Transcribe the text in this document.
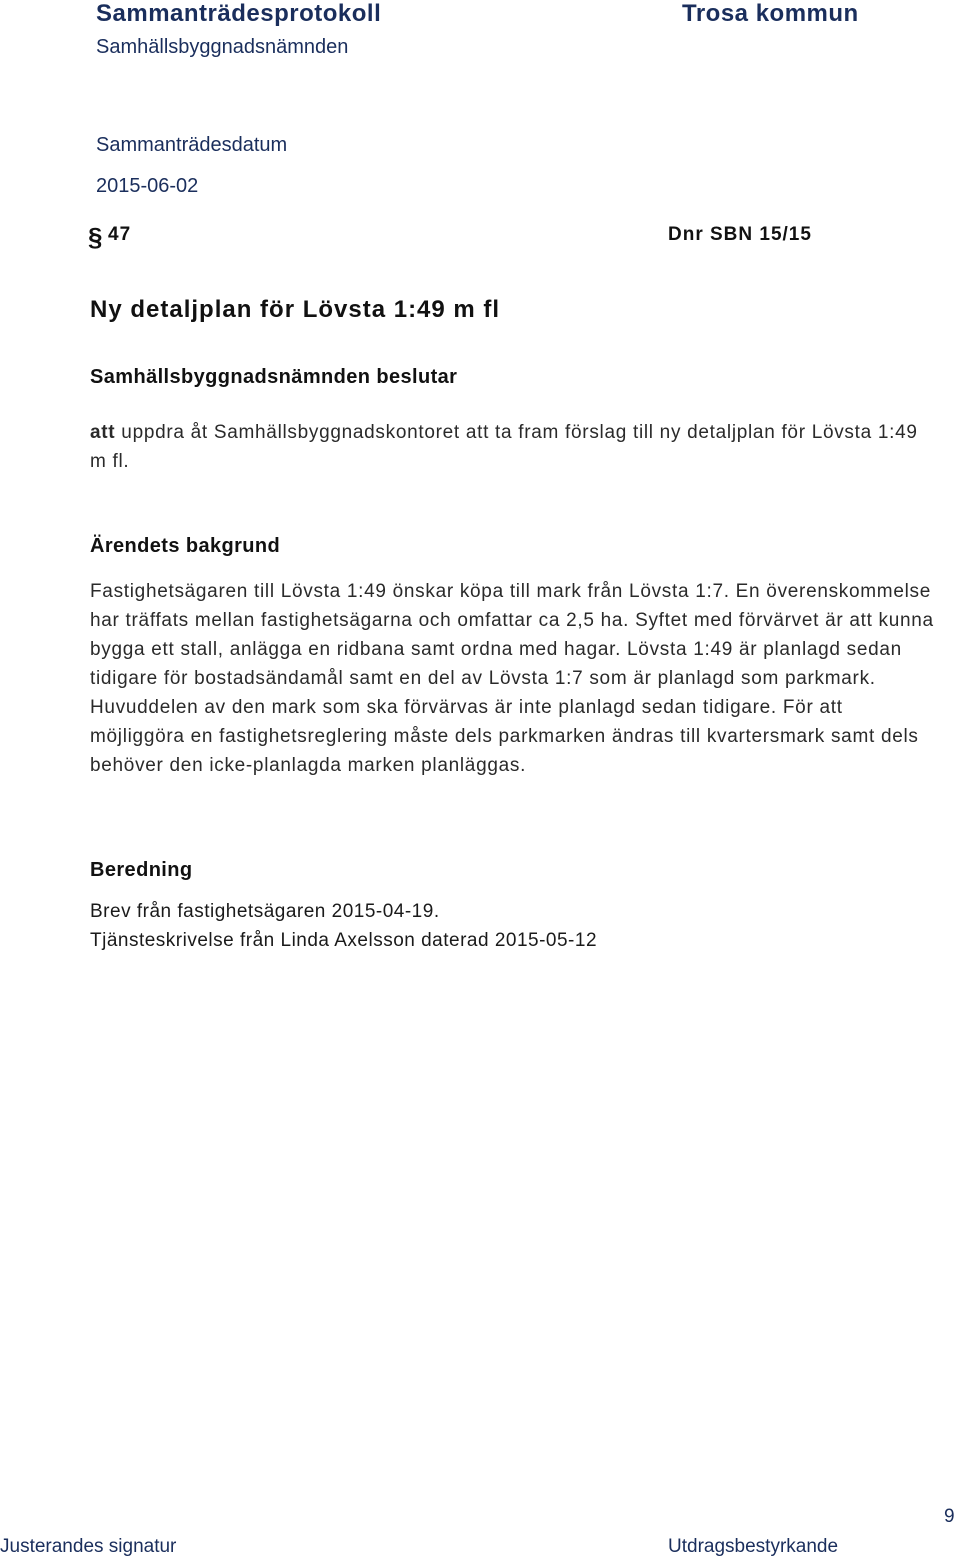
Sammanträdesprotokoll
Samhällsbyggnadsnämnden
Trosa kommun
Sammanträdesdatum
2015-06-02
§ 47	Dnr SBN 15/15
Ny detaljplan för Lövsta 1:49 m fl
Samhällsbyggnadsnämnden beslutar
att uppdra åt Samhällsbyggnadskontoret att ta fram förslag till ny detaljplan för Lövsta 1:49 m fl.
Ärendets bakgrund
Fastighetsägaren till Lövsta 1:49 önskar köpa till mark från Lövsta 1:7. En överenskommelse har träffats mellan fastighetsägarna och omfattar ca 2,5 ha. Syftet med förvärvet är att kunna bygga ett stall, anlägga en ridbana samt ordna med hagar. Lövsta 1:49 är planlagd sedan tidigare för bostadsändamål samt en del av Lövsta 1:7 som är planlagd som parkmark. Huvuddelen av den mark som ska förvärvas är inte planlagd sedan tidigare. För att möjliggöra en fastighetsreglering måste dels parkmarken ändras till kvartersmark samt dels behöver den icke-planlagda marken planläggas.
Beredning
Brev från fastighetsägaren 2015-04-19.
Tjänsteskrivelse från Linda Axelsson daterad 2015-05-12
Justerandes signatur	Utdragsbestyrkande
9
